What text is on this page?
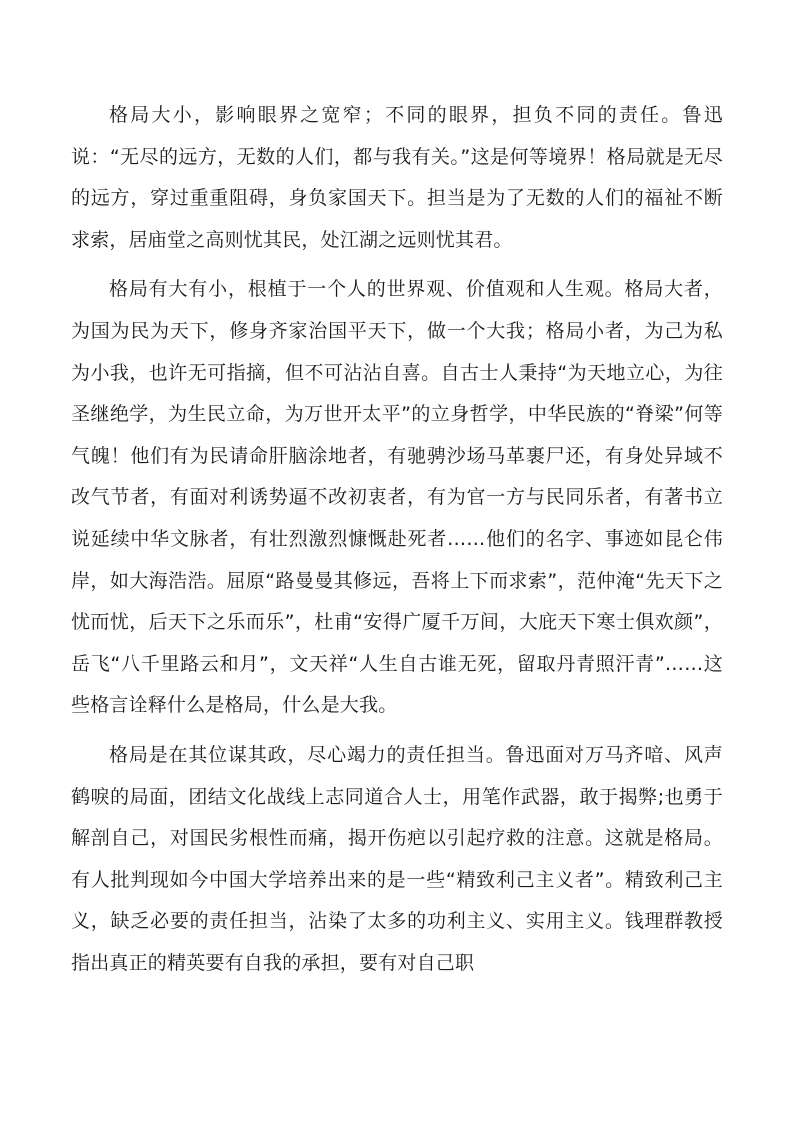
格局大小，影响眼界之宽窄；不同的眼界，担负不同的责任。鲁迅说：“无尽的远方，无数的人们，都与我有关。”这是何等境界！格局就是无尽的远方，穿过重重阻碍，身负家国天下。担当是为了无数的人们的福祉不断求索，居庙堂之高则忧其民，处江湖之远则忧其君。

格局有大有小，根植于一个人的世界观、价值观和人生观。格局大者，为国为民为天下，修身齐家治国平天下，做一个大我；格局小者，为己为私为小我，也许无可指摘，但不可沾沾自喜。自古士人秉持“为天地立心，为往圣继绝学，为生民立命，为万世开太平”的立身哲学，中华民族的“脊梁”何等气魄！他们有为民请命肝脑涂地者，有驰骋沙场马革裹尸还，有身处异域不改气节者，有面对利诱势逼不改初衷者，有为官一方与民同乐者，有著书立说延续中华文脉者，有壮烈激烈慷慨赴死者……他们的名字、事迹如昆仑伟岸，如大海浩浩。屈原“路曼曼其修远，吾将上下而求索”，范仲淹“先天下之忧而忧，后天下之乐而乐”，杜甫“安得广厦千万间，大庇天下寒士俱欢颜”，岳飞“八千里路云和月”，文天祥“人生自古谁无死，留取丹青照汗青”……这些格言诠释什么是格局，什么是大我。

格局是在其位谋其政，尽心竭力的责任担当。鲁迅面对万马齐喑、风声鹤唳的局面，团结文化战线上志同道合人士，用笔作武器，敢于揭弊;也勇于解剖自己，对国民劣根性而痛，揭开伤疤以引起疗救的注意。这就是格局。有人批判现如今中国大学培养出来的是一些“精致利己主义者”。精致利己主义，缺乏必要的责任担当，沾染了太多的功利主义、实用主义。钱理群教授指出真正的精英要有自我的承担，要有对自己职
